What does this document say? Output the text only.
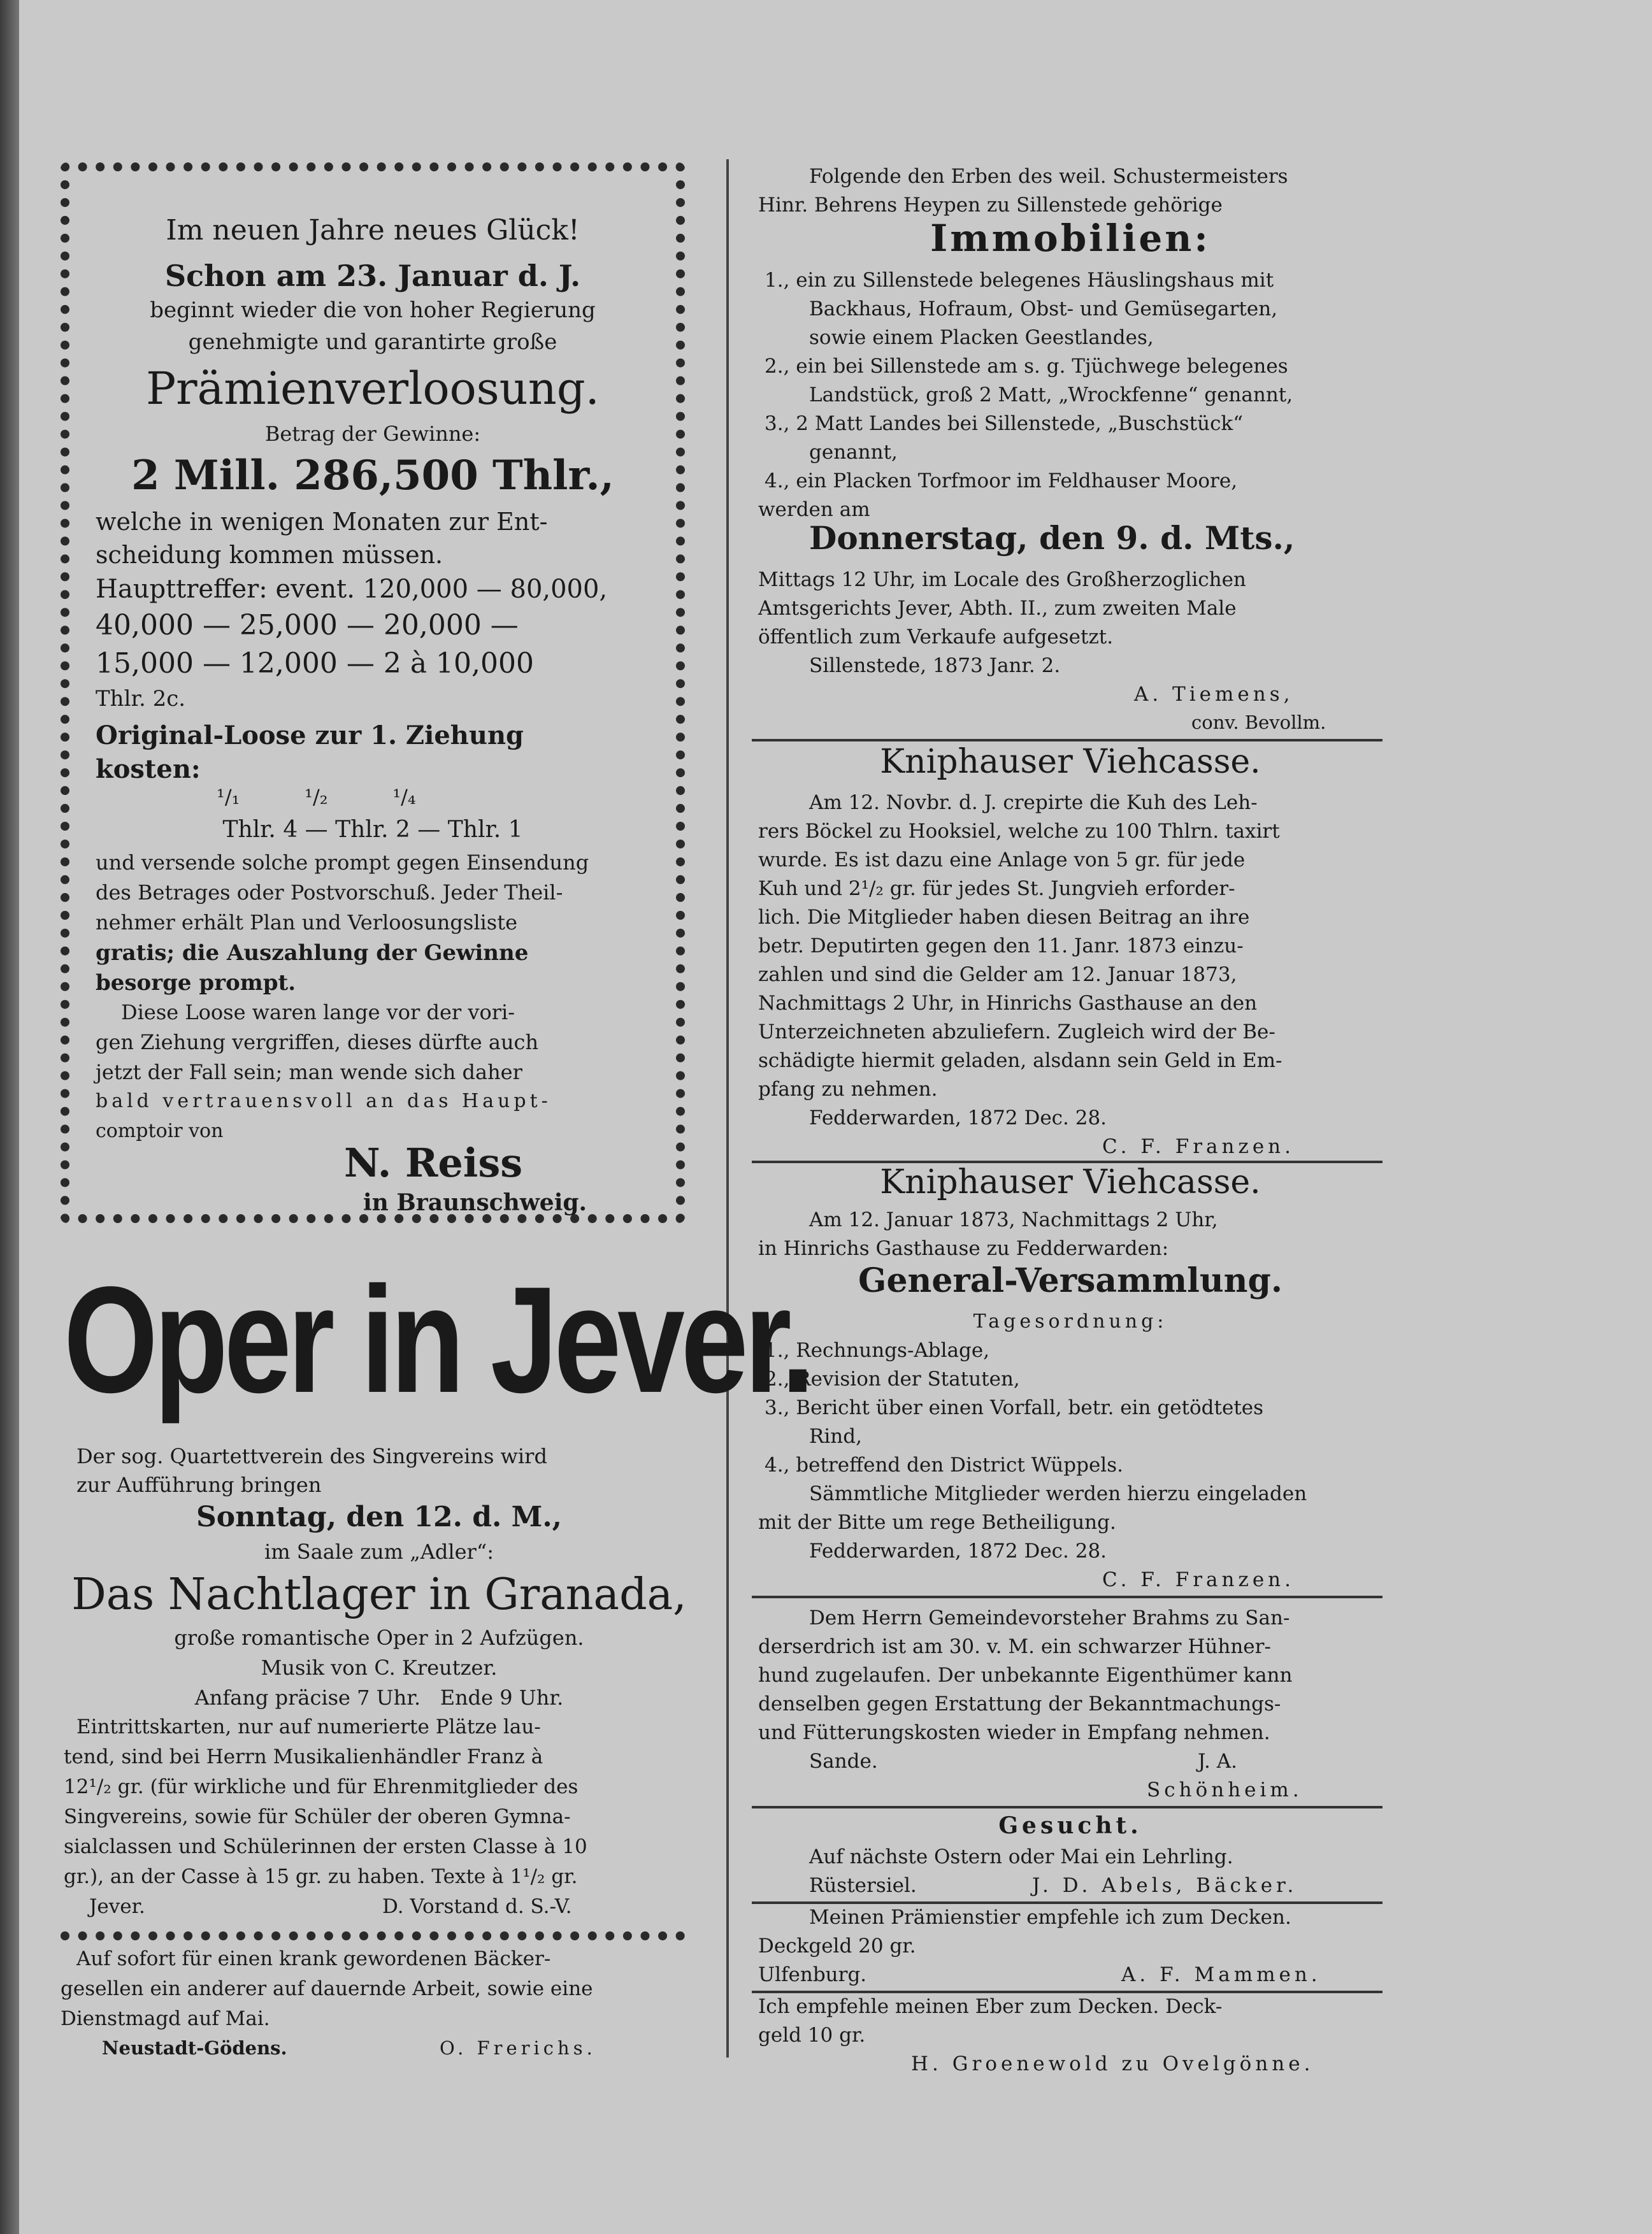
Im neuen Jahre neues Glück!
Schon am 23. Januar d. J.
beginnt wieder die von hoher Regierung
genehmigte und garantirte große
Prämienverloosung.
Betrag der Gewinne:
2 Mill. 286,500 Thlr.,
welche in wenigen Monaten zur Ent-
scheidung kommen müssen.
Haupttreffer: event. 120,000 — 80,000,
40,000 — 25,000 — 20,000 —
15,000 — 12,000 — 2 à 10,000
Thlr. 2c.
Original-Loose zur 1. Ziehung
kosten:
¹/₁          ¹/₂          ¹/₄
Thlr. 4 — Thlr. 2 — Thlr. 1
und versende solche prompt gegen Einsendung
des Betrages oder Postvorschuß. Jeder Theil-
nehmer erhält Plan und Verloosungsliste
gratis; die Auszahlung der Gewinne
besorge prompt.
Diese Loose waren lange vor der vori-
gen Ziehung vergriffen, dieses dürfte auch
jetzt der Fall sein; man wende sich daher
bald vertrauensvoll an das Haupt-
comptoir von
N. Reiss
in Braunschweig.
Oper in Jever.
Der sog. Quartettverein des Singvereins wird
zur Aufführung bringen
Sonntag, den 12. d. M.,
im Saale zum „Adler“:
Das Nachtlager in Granada,
große romantische Oper in 2 Aufzügen.
Musik von C. Kreutzer.
Anfang präcise 7 Uhr.   Ende 9 Uhr.
Eintrittskarten, nur auf numerierte Plätze lau-
tend, sind bei Herrn Musikalienhändler Franz à
12¹/₂ gr. (für wirkliche und für Ehrenmitglieder des
Singvereins, sowie für Schüler der oberen Gymna-
sialclassen und Schülerinnen der ersten Classe à 10
gr.), an der Casse à 15 gr. zu haben. Texte à 1¹/₂ gr.
Jever.	D. Vorstand d. S.-V.
Auf sofort für einen krank gewordenen Bäcker-
gesellen ein anderer auf dauernde Arbeit, sowie eine
Dienstmagd auf Mai.
Neustadt-Gödens.	O. Frerichs.
Folgende den Erben des weil. Schustermeisters
Hinr. Behrens Heypen zu Sillenstede gehörige
Immobilien:
1., ein zu Sillenstede belegenes Häuslingshaus mit
Backhaus, Hofraum, Obst- und Gemüsegarten,
sowie einem Placken Geestlandes,
2., ein bei Sillenstede am s. g. Tjüchwege belegenes
Landstück, groß 2 Matt, „Wrockfenne“ genannt,
3., 2 Matt Landes bei Sillenstede, „Buschstück“
genannt,
4., ein Placken Torfmoor im Feldhauser Moore,
werden am
Donnerstag, den 9. d. Mts.,
Mittags 12 Uhr, im Locale des Großherzoglichen
Amtsgerichts Jever, Abth. II., zum zweiten Male
öffentlich zum Verkaufe aufgesetzt.
Sillenstede, 1873 Janr. 2.
A. Tiemens,
conv. Bevollm.
Kniphauser Viehcasse.
Am 12. Novbr. d. J. crepirte die Kuh des Leh-
rers Böckel zu Hooksiel, welche zu 100 Thlrn. taxirt
wurde. Es ist dazu eine Anlage von 5 gr. für jede
Kuh und 2¹/₂ gr. für jedes St. Jungvieh erforder-
lich. Die Mitglieder haben diesen Beitrag an ihre
betr. Deputirten gegen den 11. Janr. 1873 einzu-
zahlen und sind die Gelder am 12. Januar 1873,
Nachmittags 2 Uhr, in Hinrichs Gasthause an den
Unterzeichneten abzuliefern. Zugleich wird der Be-
schädigte hiermit geladen, alsdann sein Geld in Em-
pfang zu nehmen.
Fedderwarden, 1872 Dec. 28.
C. F. Franzen.
Kniphauser Viehcasse.
Am 12. Januar 1873, Nachmittags 2 Uhr,
in Hinrichs Gasthause zu Fedderwarden:
General-Versammlung.
Tagesordnung:
1., Rechnungs-Ablage,
2., Revision der Statuten,
3., Bericht über einen Vorfall, betr. ein getödtetes
Rind,
4., betreffend den District Wüppels.
Sämmtliche Mitglieder werden hierzu eingeladen
mit der Bitte um rege Betheiligung.
Fedderwarden, 1872 Dec. 28.
C. F. Franzen.
Dem Herrn Gemeindevorsteher Brahms zu San-
derserdrich ist am 30. v. M. ein schwarzer Hühner-
hund zugelaufen. Der unbekannte Eigenthümer kann
denselben gegen Erstattung der Bekanntmachungs-
und Fütterungskosten wieder in Empfang nehmen.
Sande.	J. A.
Schönheim.
Gesucht.
Auf nächste Ostern oder Mai ein Lehrling.
Rüstersiel.	J. D. Abels, Bäcker.
Meinen Prämienstier empfehle ich zum Decken.
Deckgeld 20 gr.
Ulfenburg.	A. F. Mammen.
Ich empfehle meinen Eber zum Decken. Deck-
geld 10 gr.
H. Groenewold zu Ovelgönne.
